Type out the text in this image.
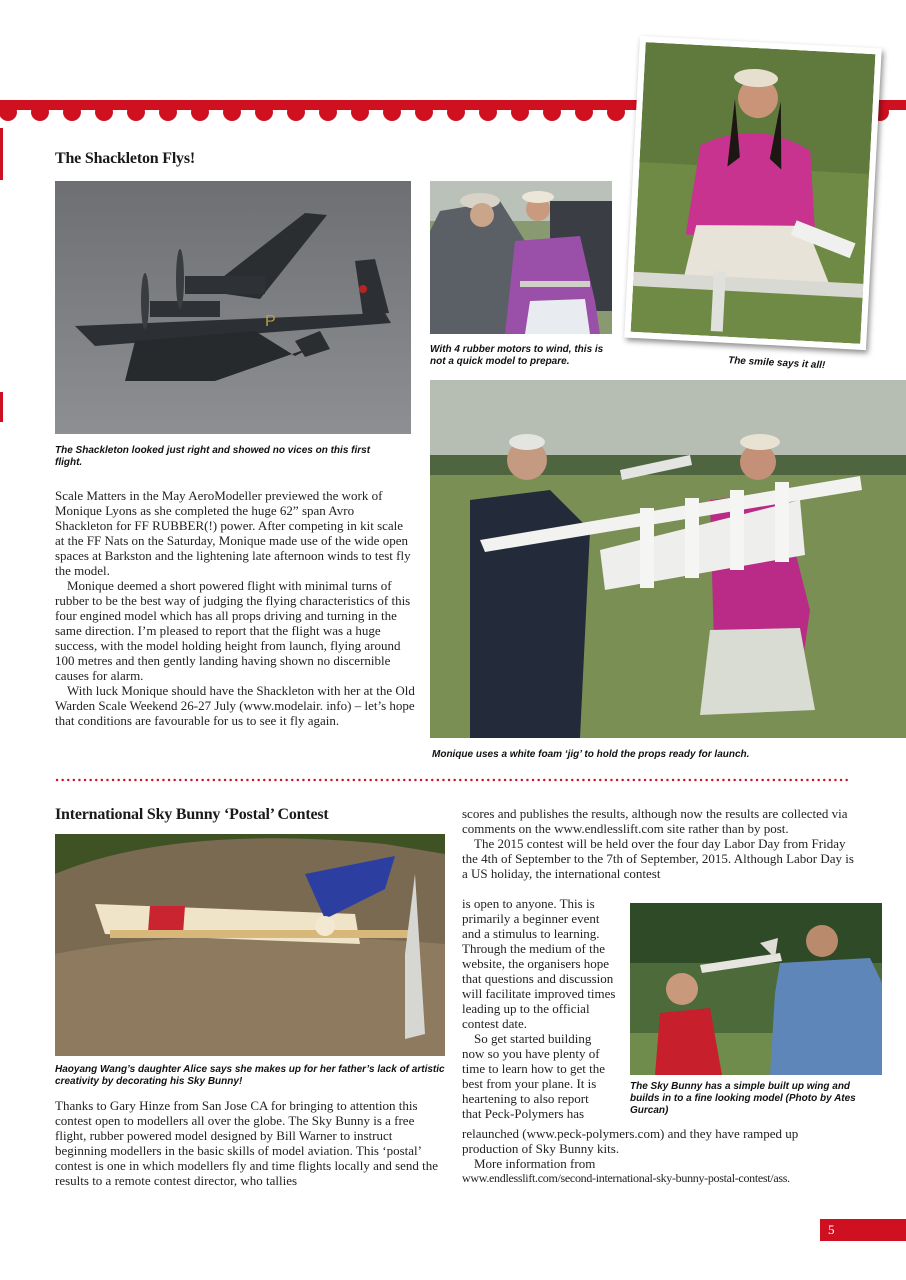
The Shackleton Flys!
P

The Shackleton looked just right and showed no vices on this first flight.

With 4 rubber motors to wind, this is not a quick model to prepare.	The smile says it all!

Monique uses a white foam ‘jig’ to hold the props ready for launch.

Scale Matters in the May AeroModeller previewed the work of Monique Lyons as she completed the huge 62” span Avro Shackleton for FF RUBBER(!) power. After competing in kit scale at the FF Nats on the Saturday, Monique made use of the wide open spaces at Barkston and the lightening late afternoon winds to test fly the model.

Monique deemed a short powered flight with minimal turns of rubber to be the best way of judging the flying characteristics of this four engined model which has all props driving and turning in the same direction. I’m pleased to report that the flight was a huge success, with the model holding height from launch, flying around 100 metres and then gently landing having shown no discernible causes for alarm.

With luck Monique should have the Shackleton with her at the Old Warden Scale Weekend 26-27 July (www.modelair. info) – let’s hope that conditions are favourable for us to see it fly again.

International Sky Bunny ‘Postal’ Contest

Haoyang Wang’s daughter Alice says she makes up for her father’s lack of artistic creativity by decorating his Sky Bunny!

Thanks to Gary Hinze from San Jose CA for bringing to attention this contest open to modellers all over the globe. The Sky Bunny is a free flight, rubber powered model designed by Bill Warner to instruct beginning modellers in the basic skills of model aviation. This ‘postal’ contest is one in which modellers fly and time flights locally and send the results to a remote contest director, who tallies

scores and publishes the results, although now the results are collected via comments on the www.endlesslift.com site rather than by post.

The 2015 contest will be held over the four day Labor Day from Friday the 4th of September to the 7th of September, 2015. Although Labor Day is a US holiday, the international contest

is open to anyone. This is
primarily a beginner event
and a stimulus to learning.
Through the medium of the
website, the organisers hope
that questions and discussion
will facilitate improved times
leading up to the official
contest date.
So get started building
now so you have plenty of
time to learn how to get the
best from your plane. It is
heartening to also report
that Peck-Polymers has

The Sky Bunny has a simple built up wing and builds in to a fine looking model (Photo by Ates Gurcan)

relaunched (www.peck-polymers.com) and they have ramped up production of Sky Bunny kits.

More information from

www.endlesslift.com/second-international-sky-bunny-postal-contest/ass.

5
